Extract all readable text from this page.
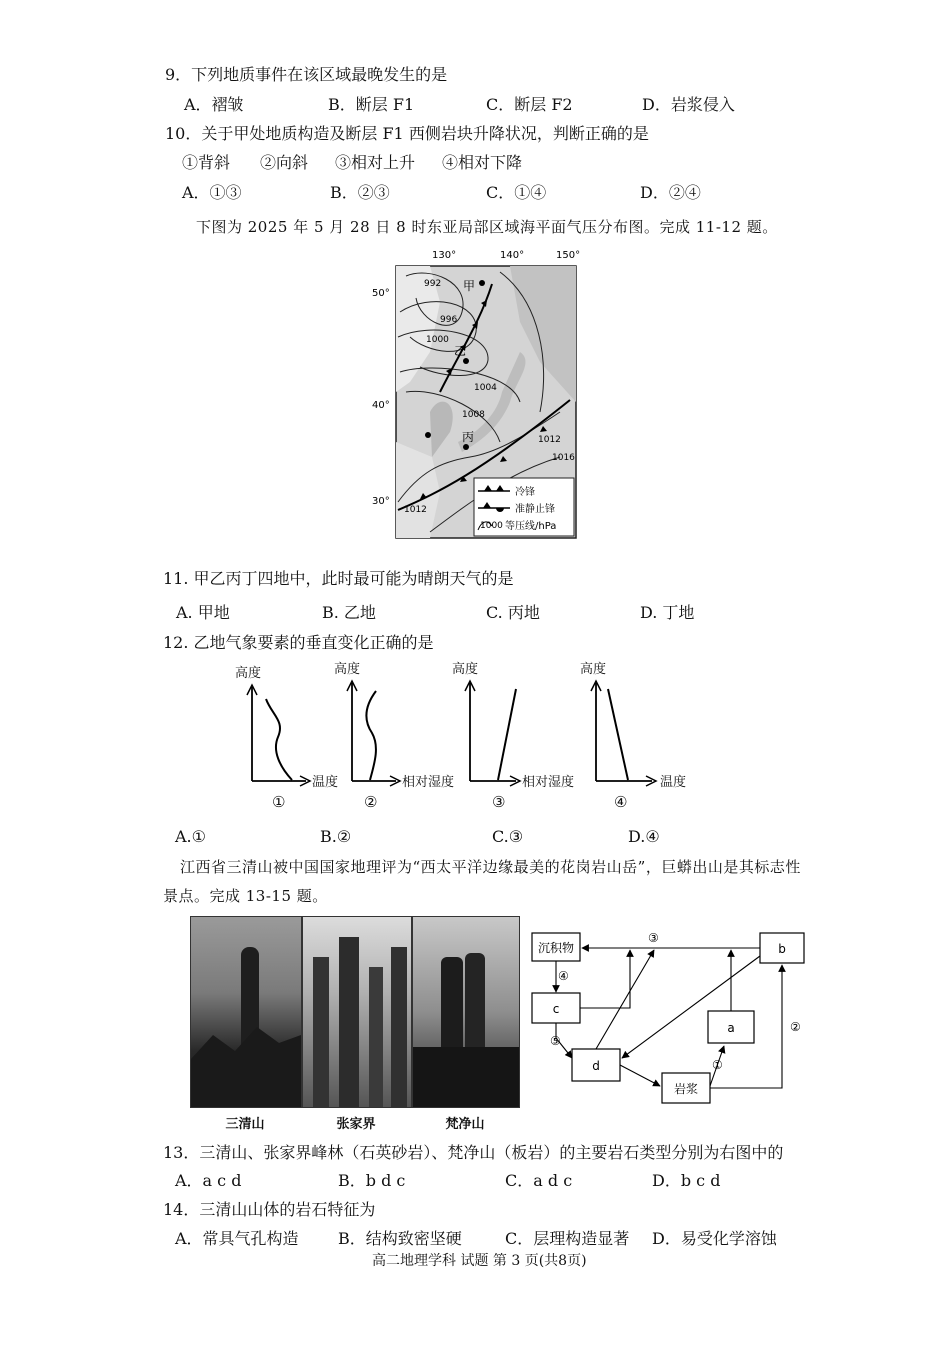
9．下列地质事件在该区域最晚发生的是
A．褶皱	B．断层 F1	C．断层 F2	D．岩浆侵入
10．关于甲处地质构造及断层 F1 西侧岩块升降状况，判断正确的是
①背斜 ②向斜 ③相对上升 ④相对下降
A．①③	B．②③	C．①④	D．②④
下图为 2025 年 5 月 28 日 8 时东亚局部区域海平面气压分布图。完成 11-12 题。
甲
乙
丙
992
996
1000
1004
1008
1012
1012
1016
130°	140°	150°
50°
40°
30°
冷锋
准静止锋
1000 等压线/hPa
11. 甲乙丙丁四地中，此时最可能为晴朗天气的是
A. 甲地	B. 乙地	C. 丙地	D. 丁地
12. 乙地气象要素的垂直变化正确的是
高度
温度
①
高度
相对湿度
②
高度
相对湿度
③
高度
温度
④
A.①	B.②	C.③	D.④
江西省三清山被中国国家地理评为“西太平洋边缘最美的花岗岩山岳”，巨蟒出山是其标志性
景点。完成 13-15 题。
三清山	张家界	梵净山
沉积物
c
d
岩浆
a
b
①
②
③
④
⑤
13．三清山、张家界峰林（石英砂岩）、梵净山（板岩）的主要岩石类型分别为右图中的
A．a c d	B．b d c	C．a d c	D．b c d
14．三清山山体的岩石特征为
A．常具气孔构造 B．结构致密坚硬	C．层理构造显著 D．易受化学溶蚀
高二地理学科 试题 第 3 页(共8页)
